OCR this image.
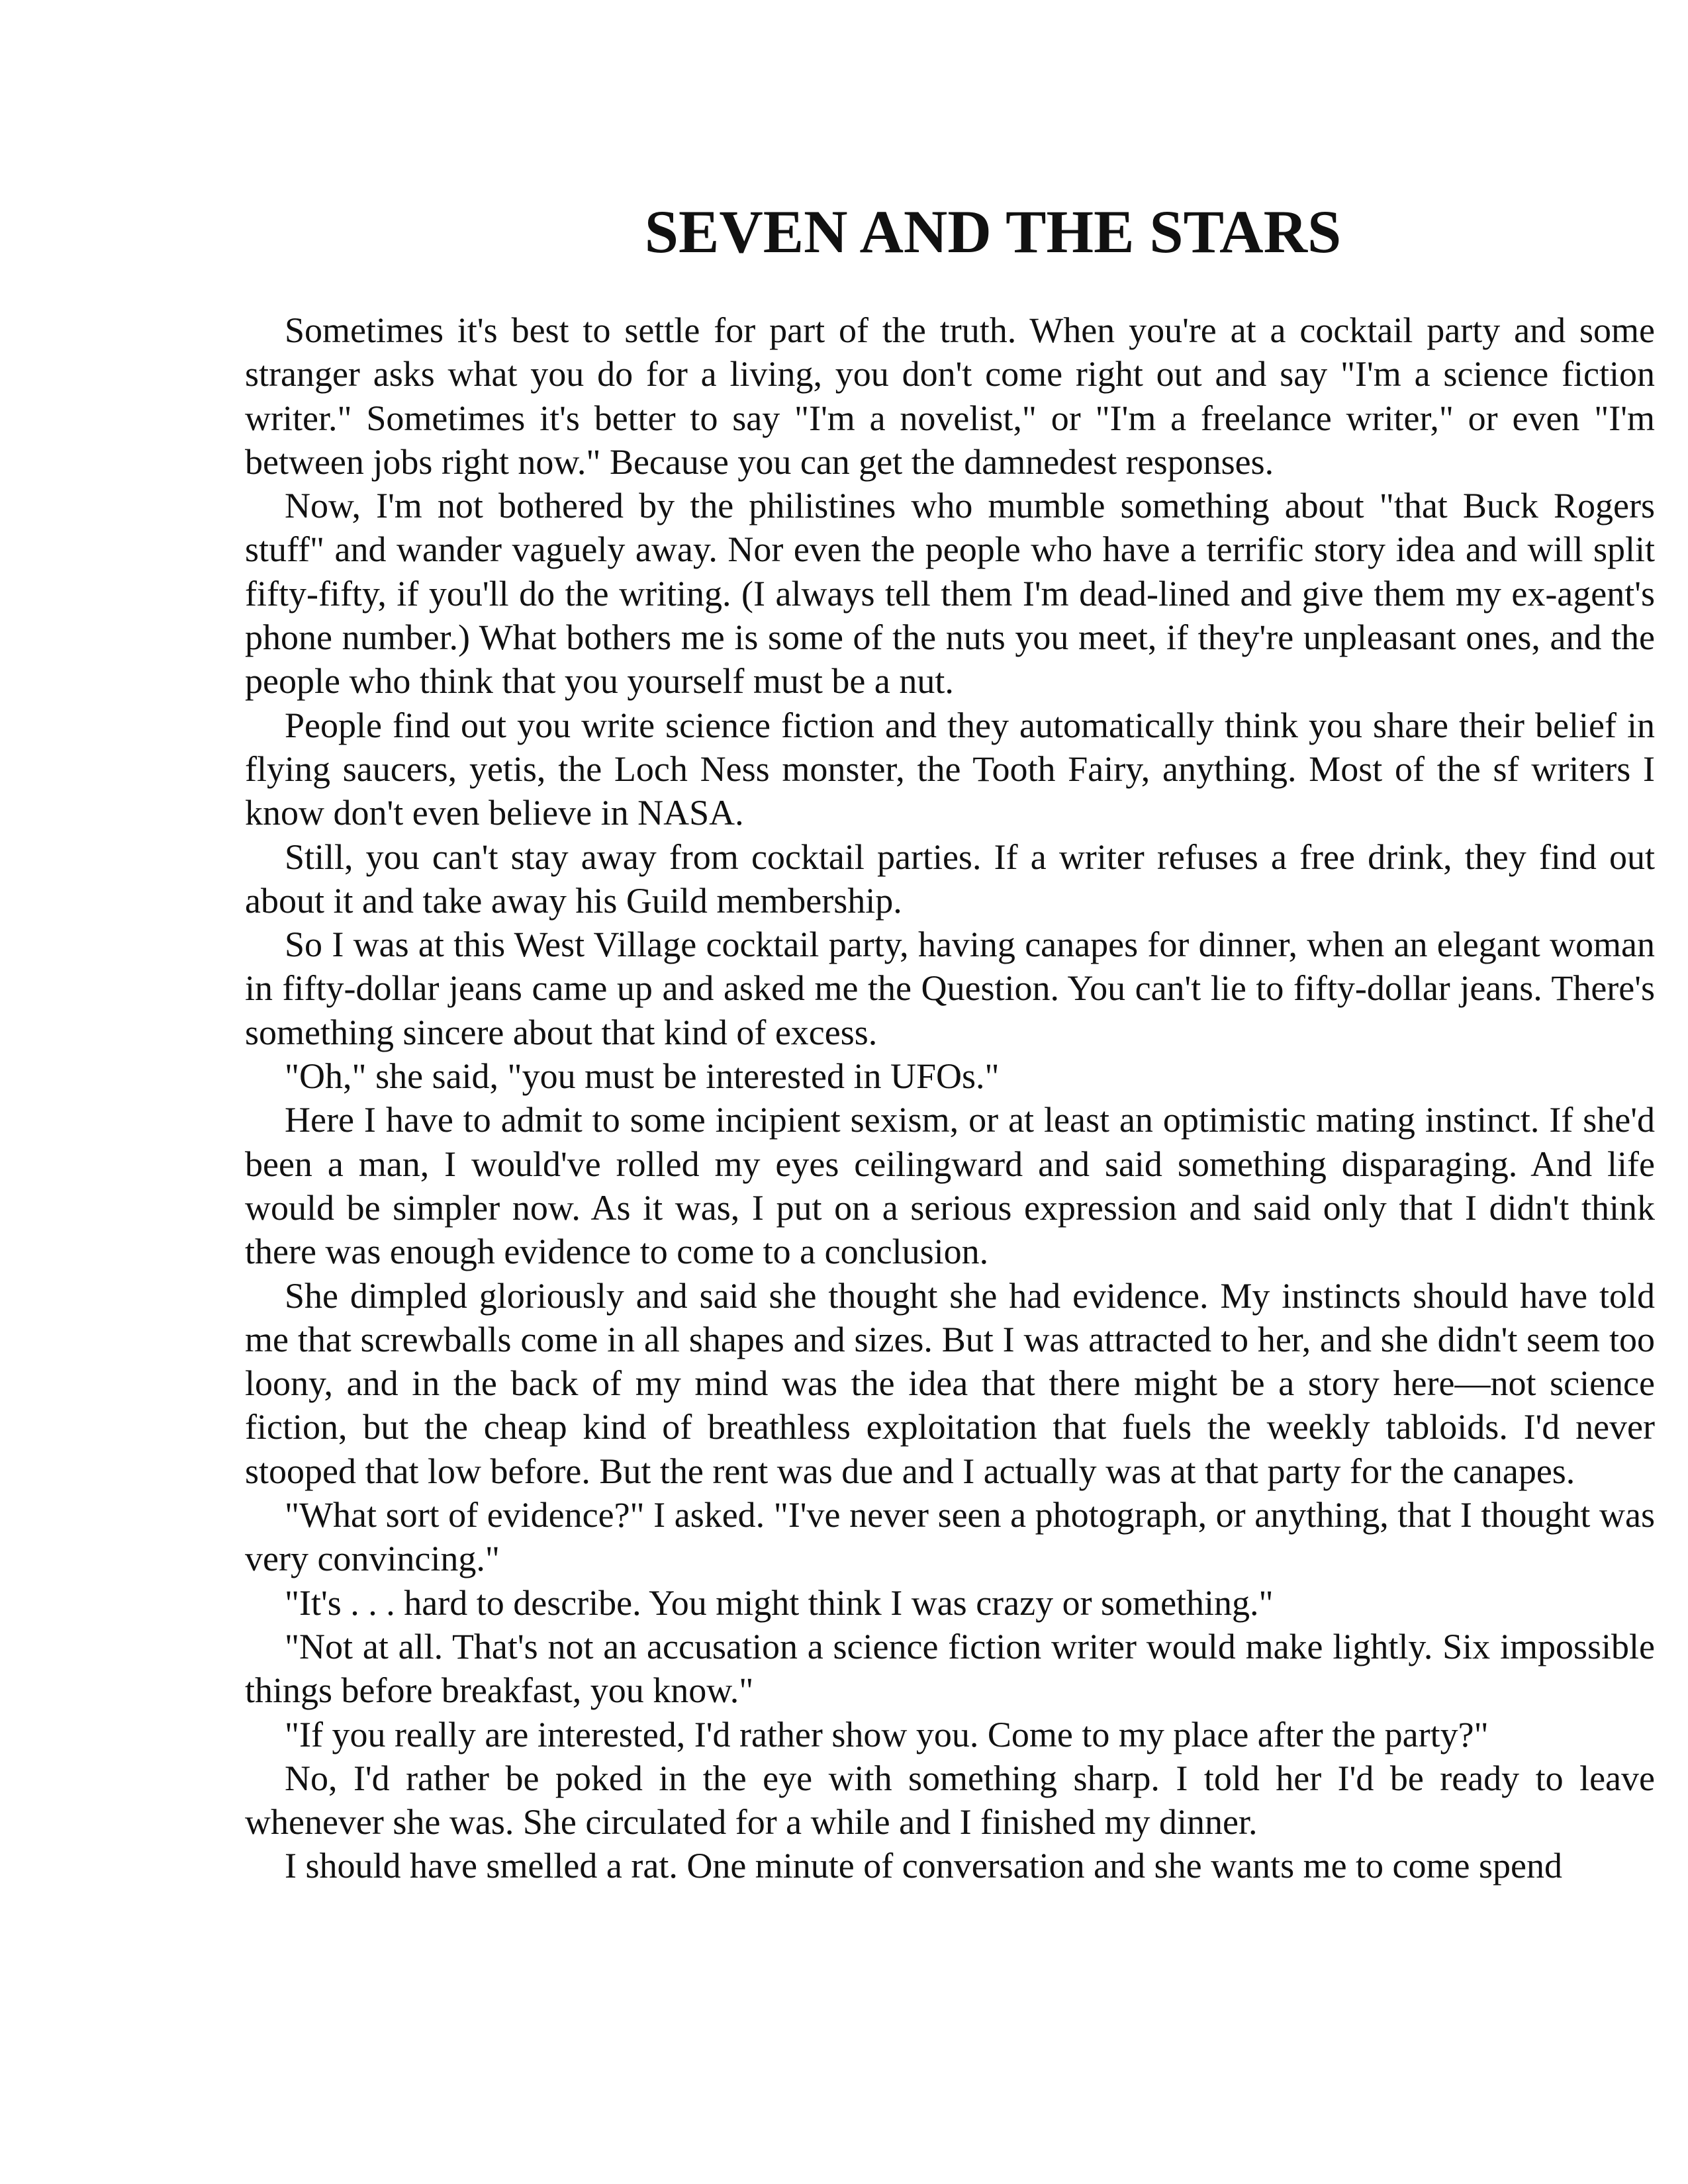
SEVEN AND THE STARS

Sometimes it's best to settle for part of the truth. When you're at a cocktail party and some stranger asks what you do for a living, you don't come right out and say "I'm a science fiction writer." Sometimes it's better to say "I'm a novelist," or "I'm a freelance writer," or even "I'm between jobs right now." Because you can get the damnedest responses.

Now, I'm not bothered by the philistines who mumble something about "that Buck Rogers stuff" and wander vaguely away. Nor even the people who have a terrific story idea and will split fifty-fifty, if you'll do the writing. (I always tell them I'm dead-lined and give them my ex-agent's phone number.) What bothers me is some of the nuts you meet, if they're unpleasant ones, and the people who think that you yourself must be a nut.

People find out you write science fiction and they automatically think you share their belief in flying saucers, yetis, the Loch Ness monster, the Tooth Fairy, anything. Most of the sf writers I know don't even believe in NASA.

Still, you can't stay away from cocktail parties. If a writer refuses a free drink, they find out about it and take away his Guild membership.

So I was at this West Village cocktail party, having canapes for dinner, when an elegant woman in fifty-dollar jeans came up and asked me the Question. You can't lie to fifty-dollar jeans. There's something sincere about that kind of excess.

"Oh," she said, "you must be interested in UFOs."

Here I have to admit to some incipient sexism, or at least an optimistic mating instinct. If she'd been a man, I would've rolled my eyes ceilingward and said something disparaging. And life would be simpler now. As it was, I put on a serious expression and said only that I didn't think there was enough evidence to come to a conclusion.

She dimpled gloriously and said she thought she had evidence. My instincts should have told me that screwballs come in all shapes and sizes. But I was attracted to her, and she didn't seem too loony, and in the back of my mind was the idea that there might be a story here—not science fiction, but the cheap kind of breathless exploitation that fuels the weekly tabloids. I'd never stooped that low before. But the rent was due and I actually was at that party for the canapes.

"What sort of evidence?" I asked. "I've never seen a photograph, or anything, that I thought was very convincing."

"It's . . . hard to describe. You might think I was crazy or something."

"Not at all. That's not an accusation a science fiction writer would make lightly. Six impossible things before breakfast, you know."

"If you really are interested, I'd rather show you. Come to my place after the party?"

No, I'd rather be poked in the eye with something sharp. I told her I'd be ready to leave whenever she was. She circulated for a while and I finished my dinner.

I should have smelled a rat. One minute of conversation and she wants me to come spend
